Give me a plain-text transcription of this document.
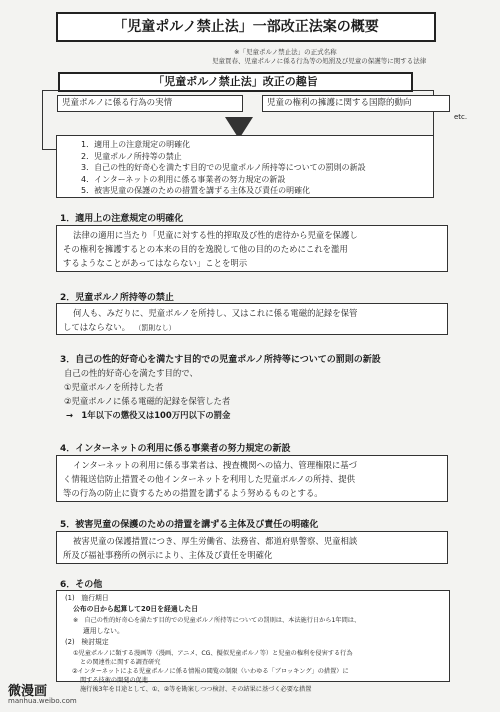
「児童ポルノ禁止法」一部改正法案の概要
※「児童ポルノ禁止法」の正式名称
児童買春、児童ポルノに係る行為等の処罰及び児童の保護等に関する法律
「児童ポルノ禁止法」改正の趣旨
児童ポルノに係る行為の実情	児童の権利の擁護に関する国際的動向
etc.
1．適用上の注意規定の明確化
2．児童ポルノ所持等の禁止
3．自己の性的好奇心を満たす目的での児童ポルノ所持等についての罰則の新設
4．インターネットの利用に係る事業者の努力規定の新設
5．被害児童の保護のための措置を講ずる主体及び責任の明確化
1．適用上の注意規定の明確化
法律の適用に当たり「児童に対する性的搾取及び性的虐待から児童を保護し
その権利を擁護するとの本来の目的を逸脱して他の目的のためにこれを濫用
するようなことがあってはならない」ことを明示
2．児童ポルノ所持等の禁止
何人も、みだりに、児童ポルノを所持し、又はこれに係る電磁的記録を保管
してはならない。 （罰則なし）
3．自己の性的好奇心を満たす目的での児童ポルノ所持等についての罰則の新設
自己の性的好奇心を満たす目的で、
①児童ポルノを所持した者
②児童ポルノに係る電磁的記録を保管した者
→　1年以下の懲役又は100万円以下の罰金
4．インターネットの利用に係る事業者の努力規定の新設
インターネットの利用に係る事業者は、捜査機関への協力、管理権限に基づ
く情報送信防止措置その他インターネットを利用した児童ポルノの所持、提供
等の行為の防止に資するための措置を講ずるよう努めるものとする。
5．被害児童の保護のための措置を講ずる主体及び責任の明確化
被害児童の保護措置につき、厚生労働省、法務省、都道府県警察、児童相談
所及び福祉事務所の例示により、主体及び責任を明確化
6．その他
(1)　施行期日
公布の日から起算して20日を経過した日
※　自己の性的好奇心を満たす目的での児童ポルノ所持等についての罰則は、本法施行日から1年間は、
適用しない。
(2)　検討規定
①児童ポルノに類する漫画等（漫画、アニメ、CG、擬似児童ポルノ等）と児童の権利を侵害する行為
との関連性に関する調査研究
②インターネットによる児童ポルノに係る情報の閲覧の制限（いわゆる「ブロッキング」の措置）に
関する技術の開発の促進
施行後3年を目途として、①、②等を勘案しつつ検討、その結果に基づく必要な措置
微漫画
manhua.weibo.com
